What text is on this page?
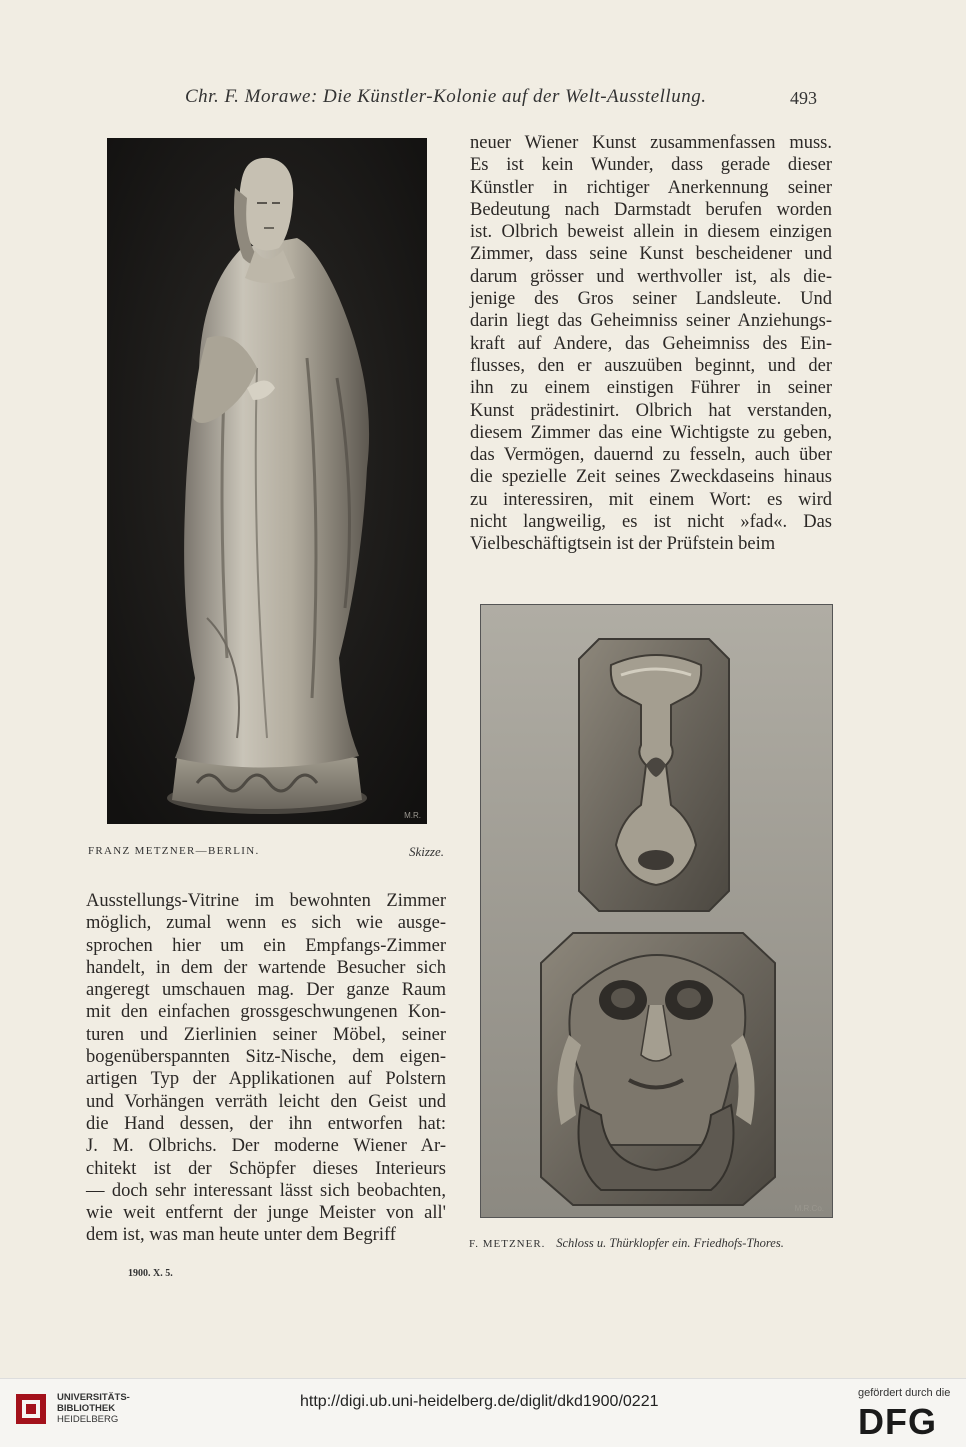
Chr. F. Morawe: Die Künstler-Kolonie auf der Welt-Ausstellung.	493
M.R.
FRANZ METZNER—BERLIN.	Skizze.
neuer Wiener Kunst zusammenfassen muss.
Es ist kein Wunder, dass gerade dieser
Künstler in richtiger Anerkennung seiner
Bedeutung nach Darmstadt berufen worden
ist. Olbrich beweist allein in diesem einzigen
Zimmer, dass seine Kunst bescheidener und
darum grösser und werthvoller ist, als die-
jenige des Gros seiner Landsleute. Und
darin liegt das Geheimniss seiner Anziehungs-
kraft auf Andere, das Geheimniss des Ein-
flusses, den er auszuüben beginnt, und der
ihn zu einem einstigen Führer in seiner
Kunst prädestinirt. Olbrich hat verstanden,
diesem Zimmer das eine Wichtigste zu geben,
das Vermögen, dauernd zu fesseln, auch über
die spezielle Zeit seines Zweckdaseins hinaus
zu interessiren, mit einem Wort: es wird
nicht langweilig, es ist nicht »fad«. Das
Vielbeschäftigtsein ist der Prüfstein beim
M.R.Co.
F. METZNER. Schloss u. Thürklopfer ein. Friedhofs-Thores.
Ausstellungs-Vitrine im bewohnten Zimmer
möglich, zumal wenn es sich wie ausge-
sprochen hier um ein Empfangs-Zimmer
handelt, in dem der wartende Besucher sich
angeregt umschauen mag. Der ganze Raum
mit den einfachen grossgeschwungenen Kon-
turen und Zierlinien seiner Möbel, seiner
bogenüberspannten Sitz-Nische, dem eigen-
artigen Typ der Applikationen auf Polstern
und Vorhängen verräth leicht den Geist und
die Hand dessen, der ihn entworfen hat:
J. M. Olbrichs. Der moderne Wiener Ar-
chitekt ist der Schöpfer dieses Interieurs
— doch sehr interessant lässt sich beobachten,
wie weit entfernt der junge Meister von all'
dem ist, was man heute unter dem Begriff
1900. X. 5.
UNIVERSITÄTS-
BIBLIOTHEK
HEIDELBERG
http://digi.ub.uni-heidelberg.de/diglit/dkd1900/0221	gefördert durch die
DFG
